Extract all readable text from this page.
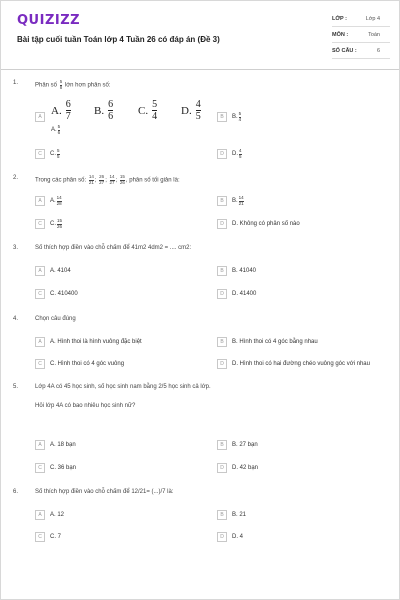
QUIZIZZ
Bài tập cuối tuần Toán lớp 4 Tuần 26 có đáp án (Đề 3)
LỚP :	Lớp 4
MÔN :	Toán
SỐ CÂU :	6
1.	Phân số $\frac{5}{8}$ lớn hơn phân số:
A. $\frac{6}{7} B$. $\frac{6}{6} C$. $\frac{5}{4} D$. $\frac{4}{5}$
A
A. $\frac{5}{6}$
B	B. $\frac{5}{4}$
C	C. $\frac{5}{5}$	D	D. $\frac{4}{5}$
2.	Trong các phân số: $\frac{14}{21}$ ; $\frac{26}{27}$ ; $\frac{14}{27}$ ; $\frac{15}{26}$ , phân số tối giản là:
A	A. $\frac{14}{28}$	B	B. $\frac{14}{21}$
C	C. $\frac{15}{26}$	D	D. Không có phân số nào
3.	Số thích hợp điền vào chỗ chấm để 41m2 4dm2 = .... cm2:
A	A. 4104	B	B. 41040
C	C. 410400	D	D. 41400
4.	Chọn câu đúng
A	A. Hình thoi là hình vuông đặc biệt	B	B. Hình thoi có 4 góc bằng nhau
C	C. Hình thoi có 4 góc vuông	D	D. Hình thoi có hai đường chéo vuông góc với nhau
5.	Lớp 4A có 45 học sinh, số học sinh nam bằng 2/5 học sinh cả lớp.
Hỏi lớp 4A có bao nhiêu học sinh nữ?
A	A. 18 bạn	B	B. 27 bạn
C	C. 36 bạn	D	D. 42 bạn
6.	Số thích hợp điền vào chỗ chấm để 12/21= (...)/7 là:
A	A. 12	B	B. 21
C	C. 7	D	D. 4
